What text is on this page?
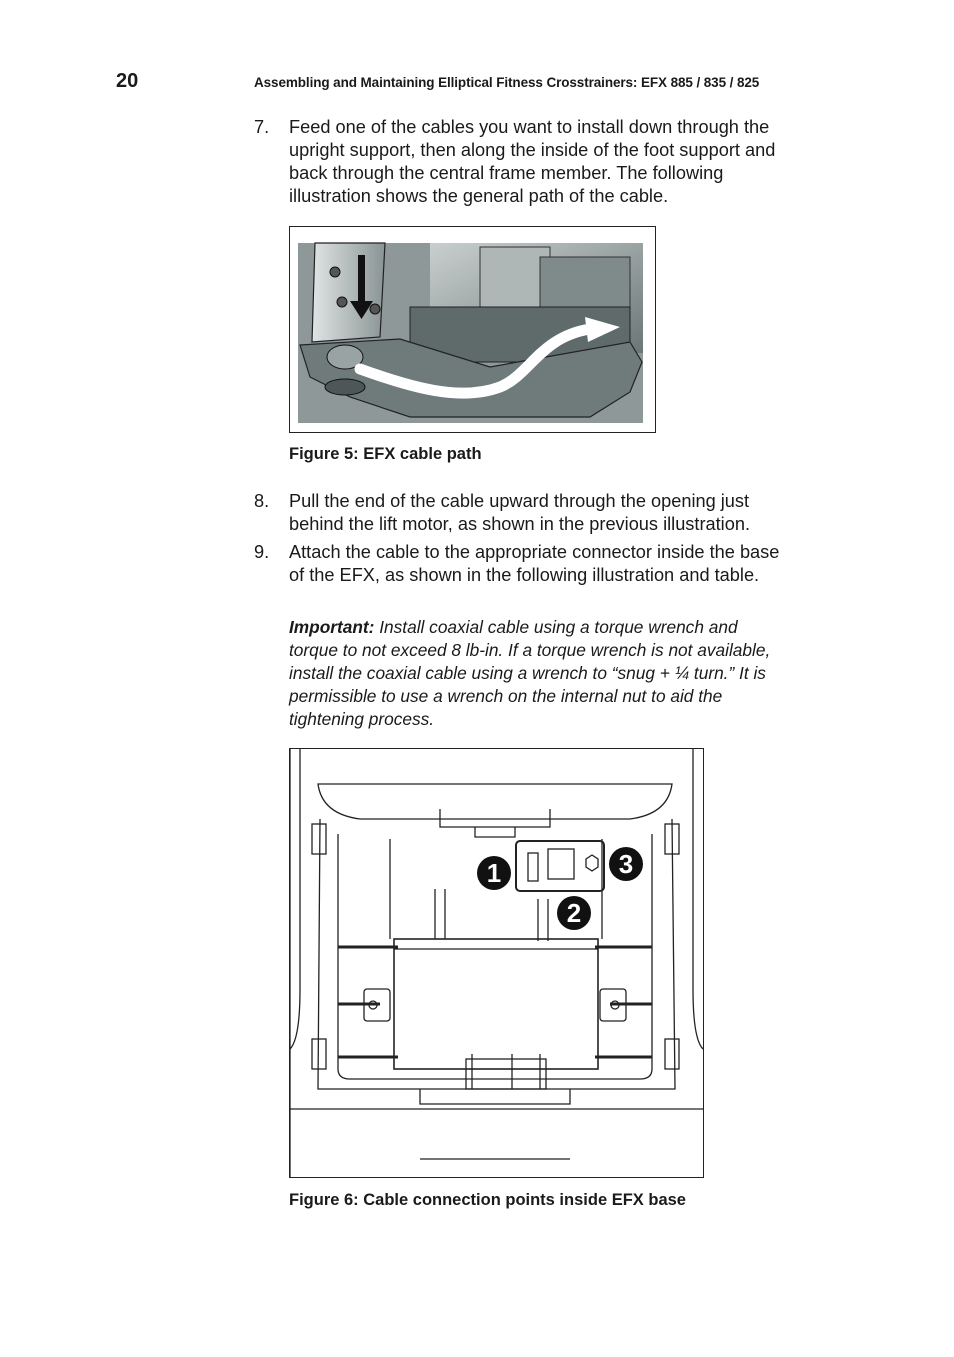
20	Assembling and Maintaining Elliptical Fitness Crosstrainers: EFX 885 / 835 / 825
7. Feed one of the cables you want to install down through the upright support, then along the inside of the foot support and back through the central frame member. The following illustration shows the general path of the cable.
Figure 5: EFX cable path
8. Pull the end of the cable upward through the opening just behind the lift motor, as shown in the previous illustration.
9. Attach the cable to the appropriate connector inside the base of the EFX, as shown in the following illustration and table.
Important: Install coaxial cable using a torque wrench and torque to not exceed 8 lb-in. If a torque wrench is not available, install the coaxial cable using a wrench to “snug + ¼ turn.” It is permissible to use a wrench on the internal nut to aid the tightening process.
1
2
3
Figure 6: Cable connection points inside EFX base
